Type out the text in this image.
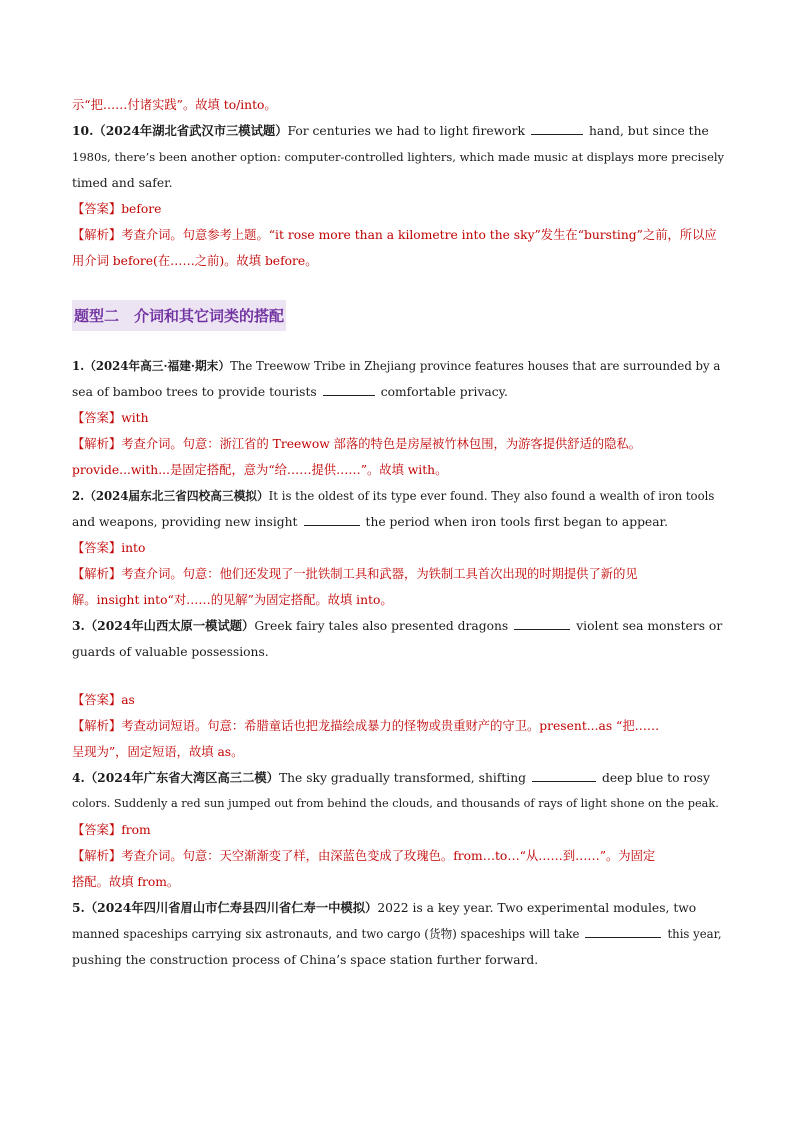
示“把……付诸实践”。故填 to/into。
10.（2024年湖北省武汉市三模试题）For centuries we had to light firework	hand, but since the
1980s, there’s been another option: computer-controlled lighters, which made music at displays more precisely
timed and safer.
【答案】before
【解析】考查介词。句意参考上题。“it rose more than a kilometre into the sky”发生在“bursting”之前，所以应
用介词 before(在……之前)。故填 before。
题型二　介词和其它词类的搭配
1.（2024年高三·福建·期末）The Treewow Tribe in Zhejiang province features houses that are surrounded by a
sea of bamboo trees to provide tourists	comfortable privacy.
【答案】with
【解析】考查介词。句意：浙江省的 Treewow 部落的特色是房屋被竹林包围，为游客提供舒适的隐私。
provide...with...是固定搭配，意为“给……提供……”。故填 with。
2.（2024届东北三省四校高三模拟）It is the oldest of its type ever found. They also found a wealth of iron tools
and weapons, providing new insight	the period when iron tools first began to appear.
【答案】into
【解析】考查介词。句意：他们还发现了一批铁制工具和武器，为铁制工具首次出现的时期提供了新的见
解。insight into“对……的见解”为固定搭配。故填 into。
3.（2024年山西太原一模试题）Greek fairy tales also presented dragons	violent sea monsters or
guards of valuable possessions.
【答案】as
【解析】考查动词短语。句意：希腊童话也把龙描绘成暴力的怪物或贵重财产的守卫。present...as “把……
呈现为”，固定短语，故填 as。
4.（2024年广东省大湾区高三二模）The sky gradually transformed, shifting	deep blue to rosy
colors. Suddenly a red sun jumped out from behind the clouds, and thousands of rays of light shone on the peak.
【答案】from
【解析】考查介词。句意：天空渐渐变了样，由深蓝色变成了玫瑰色。from…to…“从……到……”。为固定
搭配。故填 from。
5.（2024年四川省眉山市仁寿县四川省仁寿一中模拟）2022 is a key year. Two experimental modules, two
manned spaceships carrying six astronauts, and two cargo (货物) spaceships will take	this year,
pushing the construction process of China’s space station further forward.
